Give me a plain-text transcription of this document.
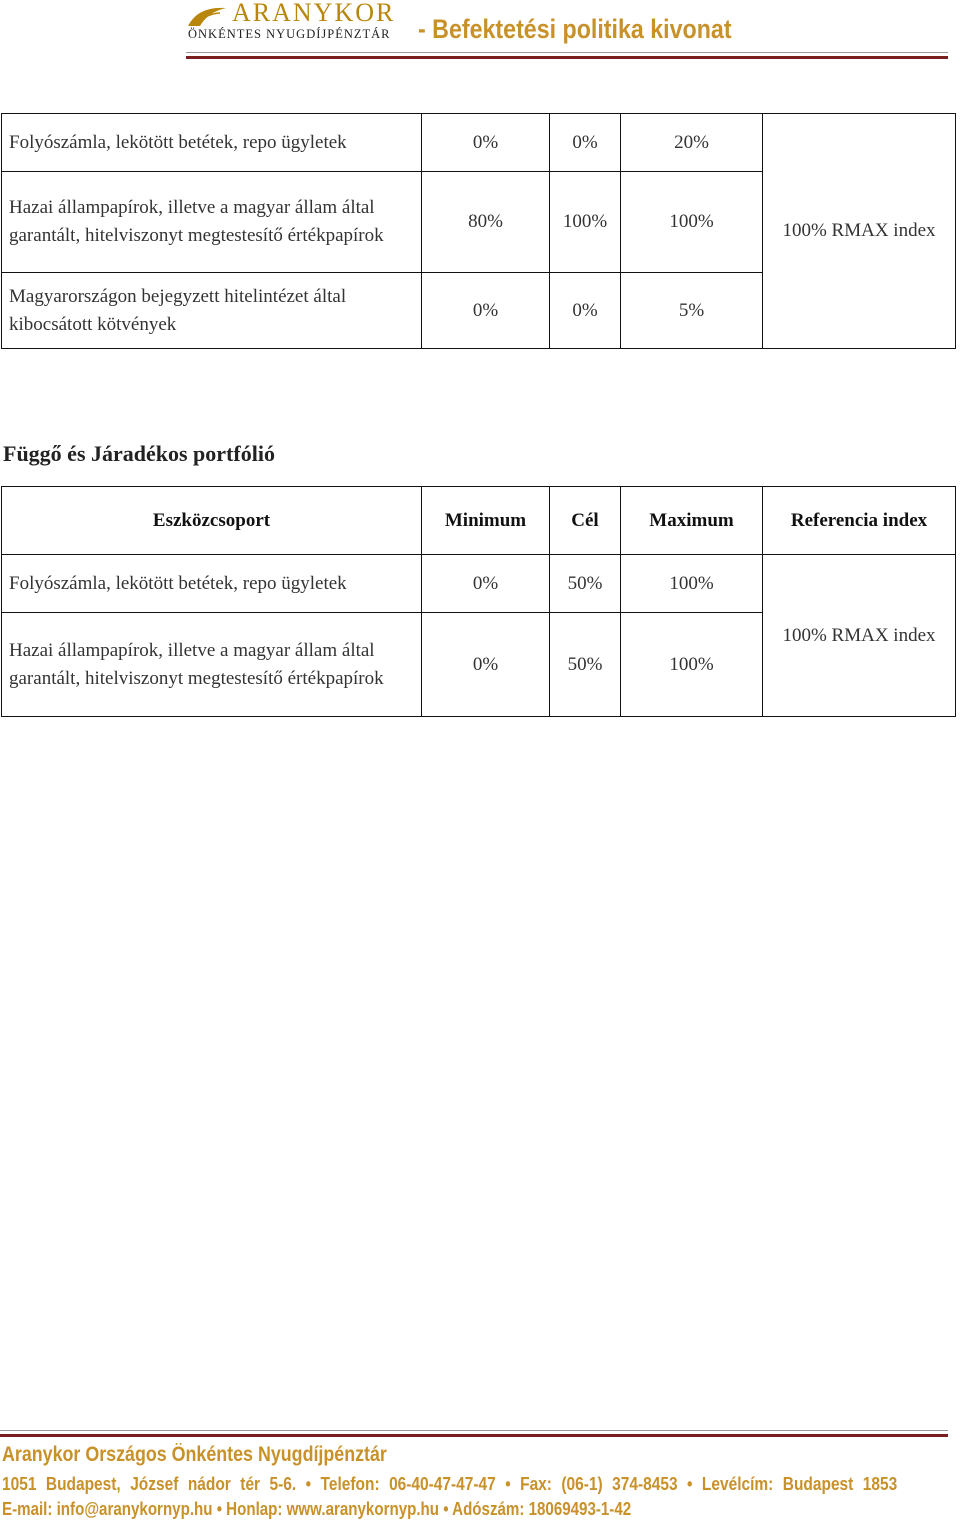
ARANYKOR
ÖNKÉNTES NYUGDÍJPÉNZTÁR - Befektetési politika kivonat
Folyószámla, lekötött betétek, repo ügyletek	0%	0%	20%	100% RMAX index
Hazai állampapírok, illetve a magyar állam által garantált, hitelviszonyt megtestesítő értékpapírok	80%	100%	100%	
Magyarországon bejegyzett hitelintézet által kibocsátott kötvények	0%	0%	5%	
Függő és Járadékos portfólió
Eszközcsoport	Minimum	Cél	Maximum	Referencia index
Folyószámla, lekötött betétek, repo ügyletek	0%	50%	100%	100% RMAX index
Hazai állampapírok, illetve a magyar állam által garantált, hitelviszonyt megtestesítő értékpapírok	0%	50%	100%	
Aranykor Országos Önkéntes Nyugdíjpénztár
1051 Budapest, József nádor tér 5-6. • Telefon: 06-40-47-47-47 • Fax: (06-1) 374-8453 • Levélcím: Budapest 1853
E-mail: info@aranykornyp.hu • Honlap: www.aranykornyp.hu • Adószám: 18069493-1-42
